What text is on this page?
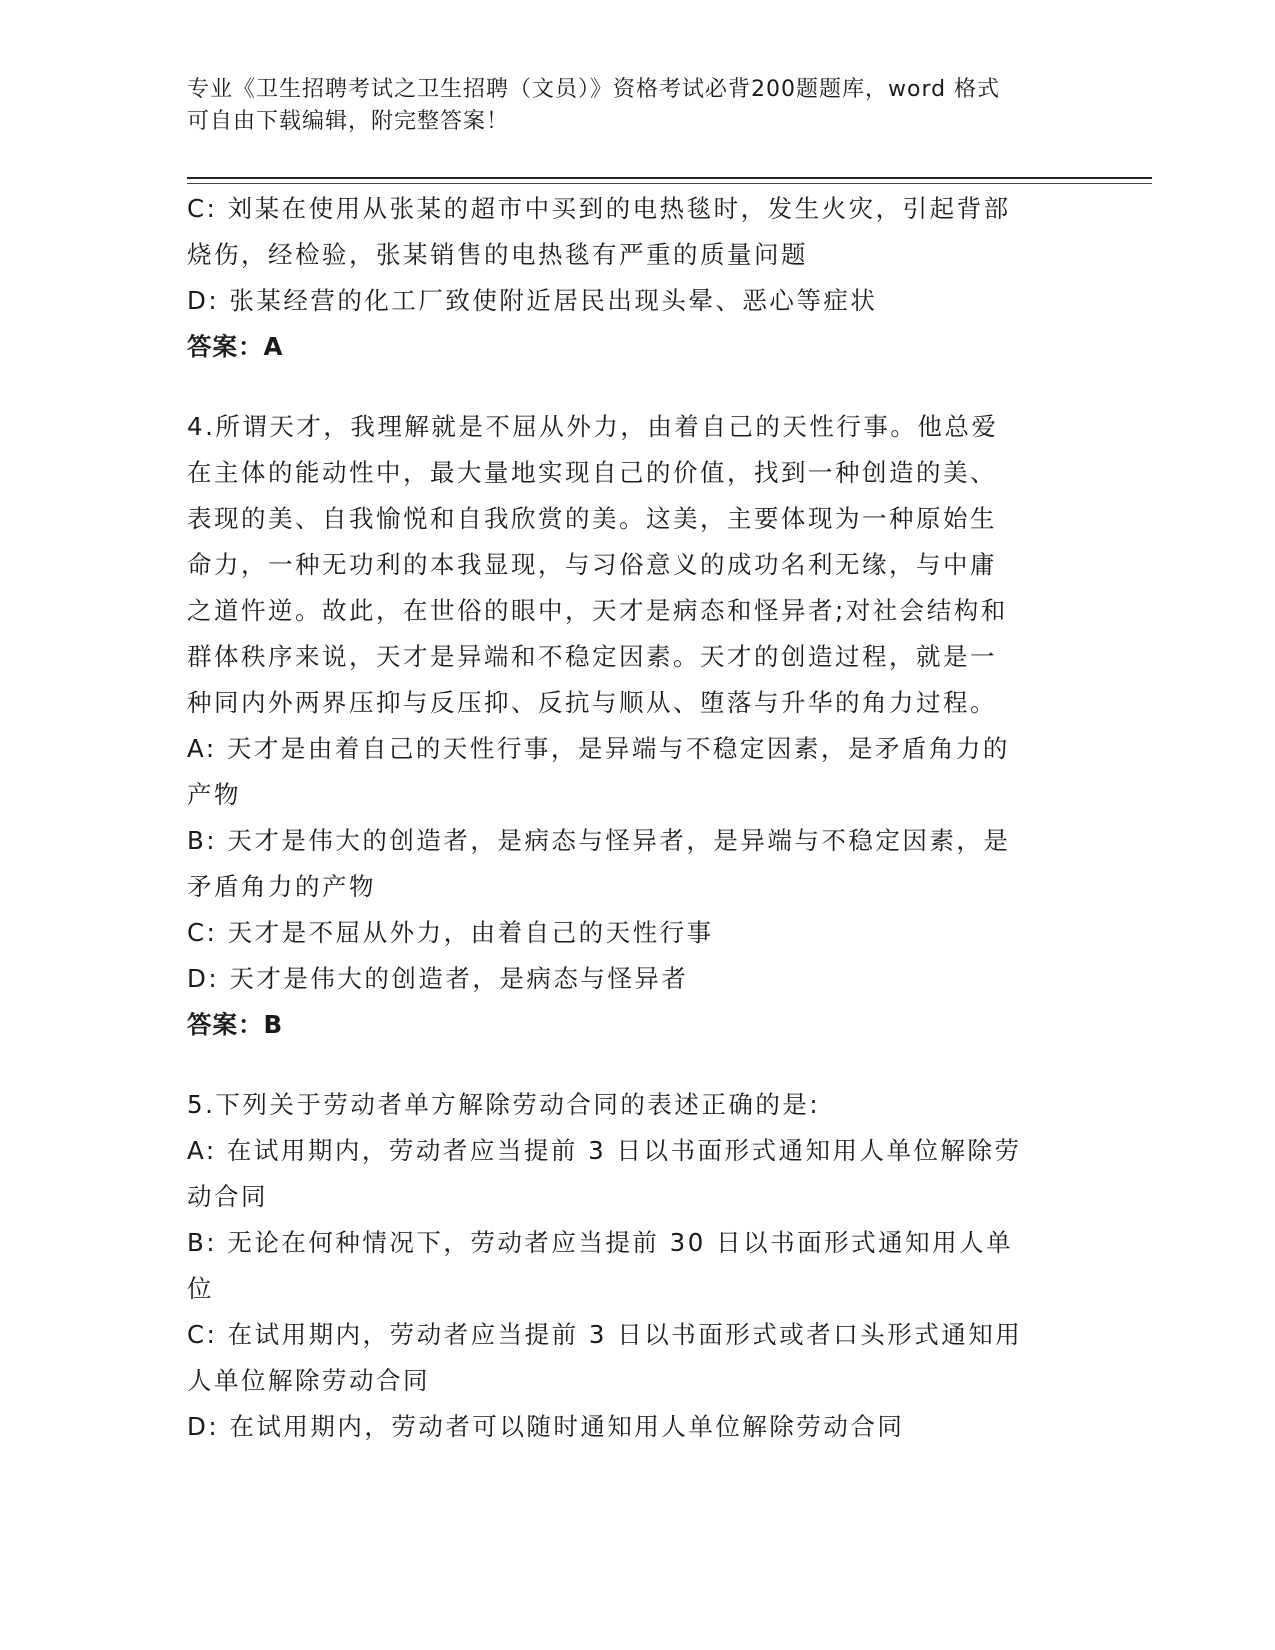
专业《卫生招聘考试之卫生招聘（文员）》资格考试必背200题题库，word 格式
可自由下载编辑，附完整答案！
C: 刘某在使用从张某的超市中买到的电热毯时，发生火灾，引起背部
烧伤，经检验，张某销售的电热毯有严重的质量问题
D: 张某经营的化工厂致使附近居民出现头晕、恶心等症状
答案：A
4.所谓天才，我理解就是不屈从外力，由着自己的天性行事。他总爱
在主体的能动性中，最大量地实现自己的价值，找到一种创造的美、
表现的美、自我愉悦和自我欣赏的美。这美，主要体现为一种原始生
命力，一种无功利的本我显现，与习俗意义的成功名利无缘，与中庸
之道忤逆。故此，在世俗的眼中，天才是病态和怪异者;对社会结构和
群体秩序来说，天才是异端和不稳定因素。天才的创造过程，就是一
种同内外两界压抑与反压抑、反抗与顺从、堕落与升华的角力过程。
A: 天才是由着自己的天性行事，是异端与不稳定因素，是矛盾角力的
产物
B: 天才是伟大的创造者，是病态与怪异者，是异端与不稳定因素，是
矛盾角力的产物
C: 天才是不屈从外力，由着自己的天性行事
D: 天才是伟大的创造者，是病态与怪异者
答案：B
5.下列关于劳动者单方解除劳动合同的表述正确的是:
A: 在试用期内，劳动者应当提前 3 日以书面形式通知用人单位解除劳
动合同
B: 无论在何种情况下，劳动者应当提前 30 日以书面形式通知用人单
位
C: 在试用期内，劳动者应当提前 3 日以书面形式或者口头形式通知用
人单位解除劳动合同
D: 在试用期内，劳动者可以随时通知用人单位解除劳动合同
